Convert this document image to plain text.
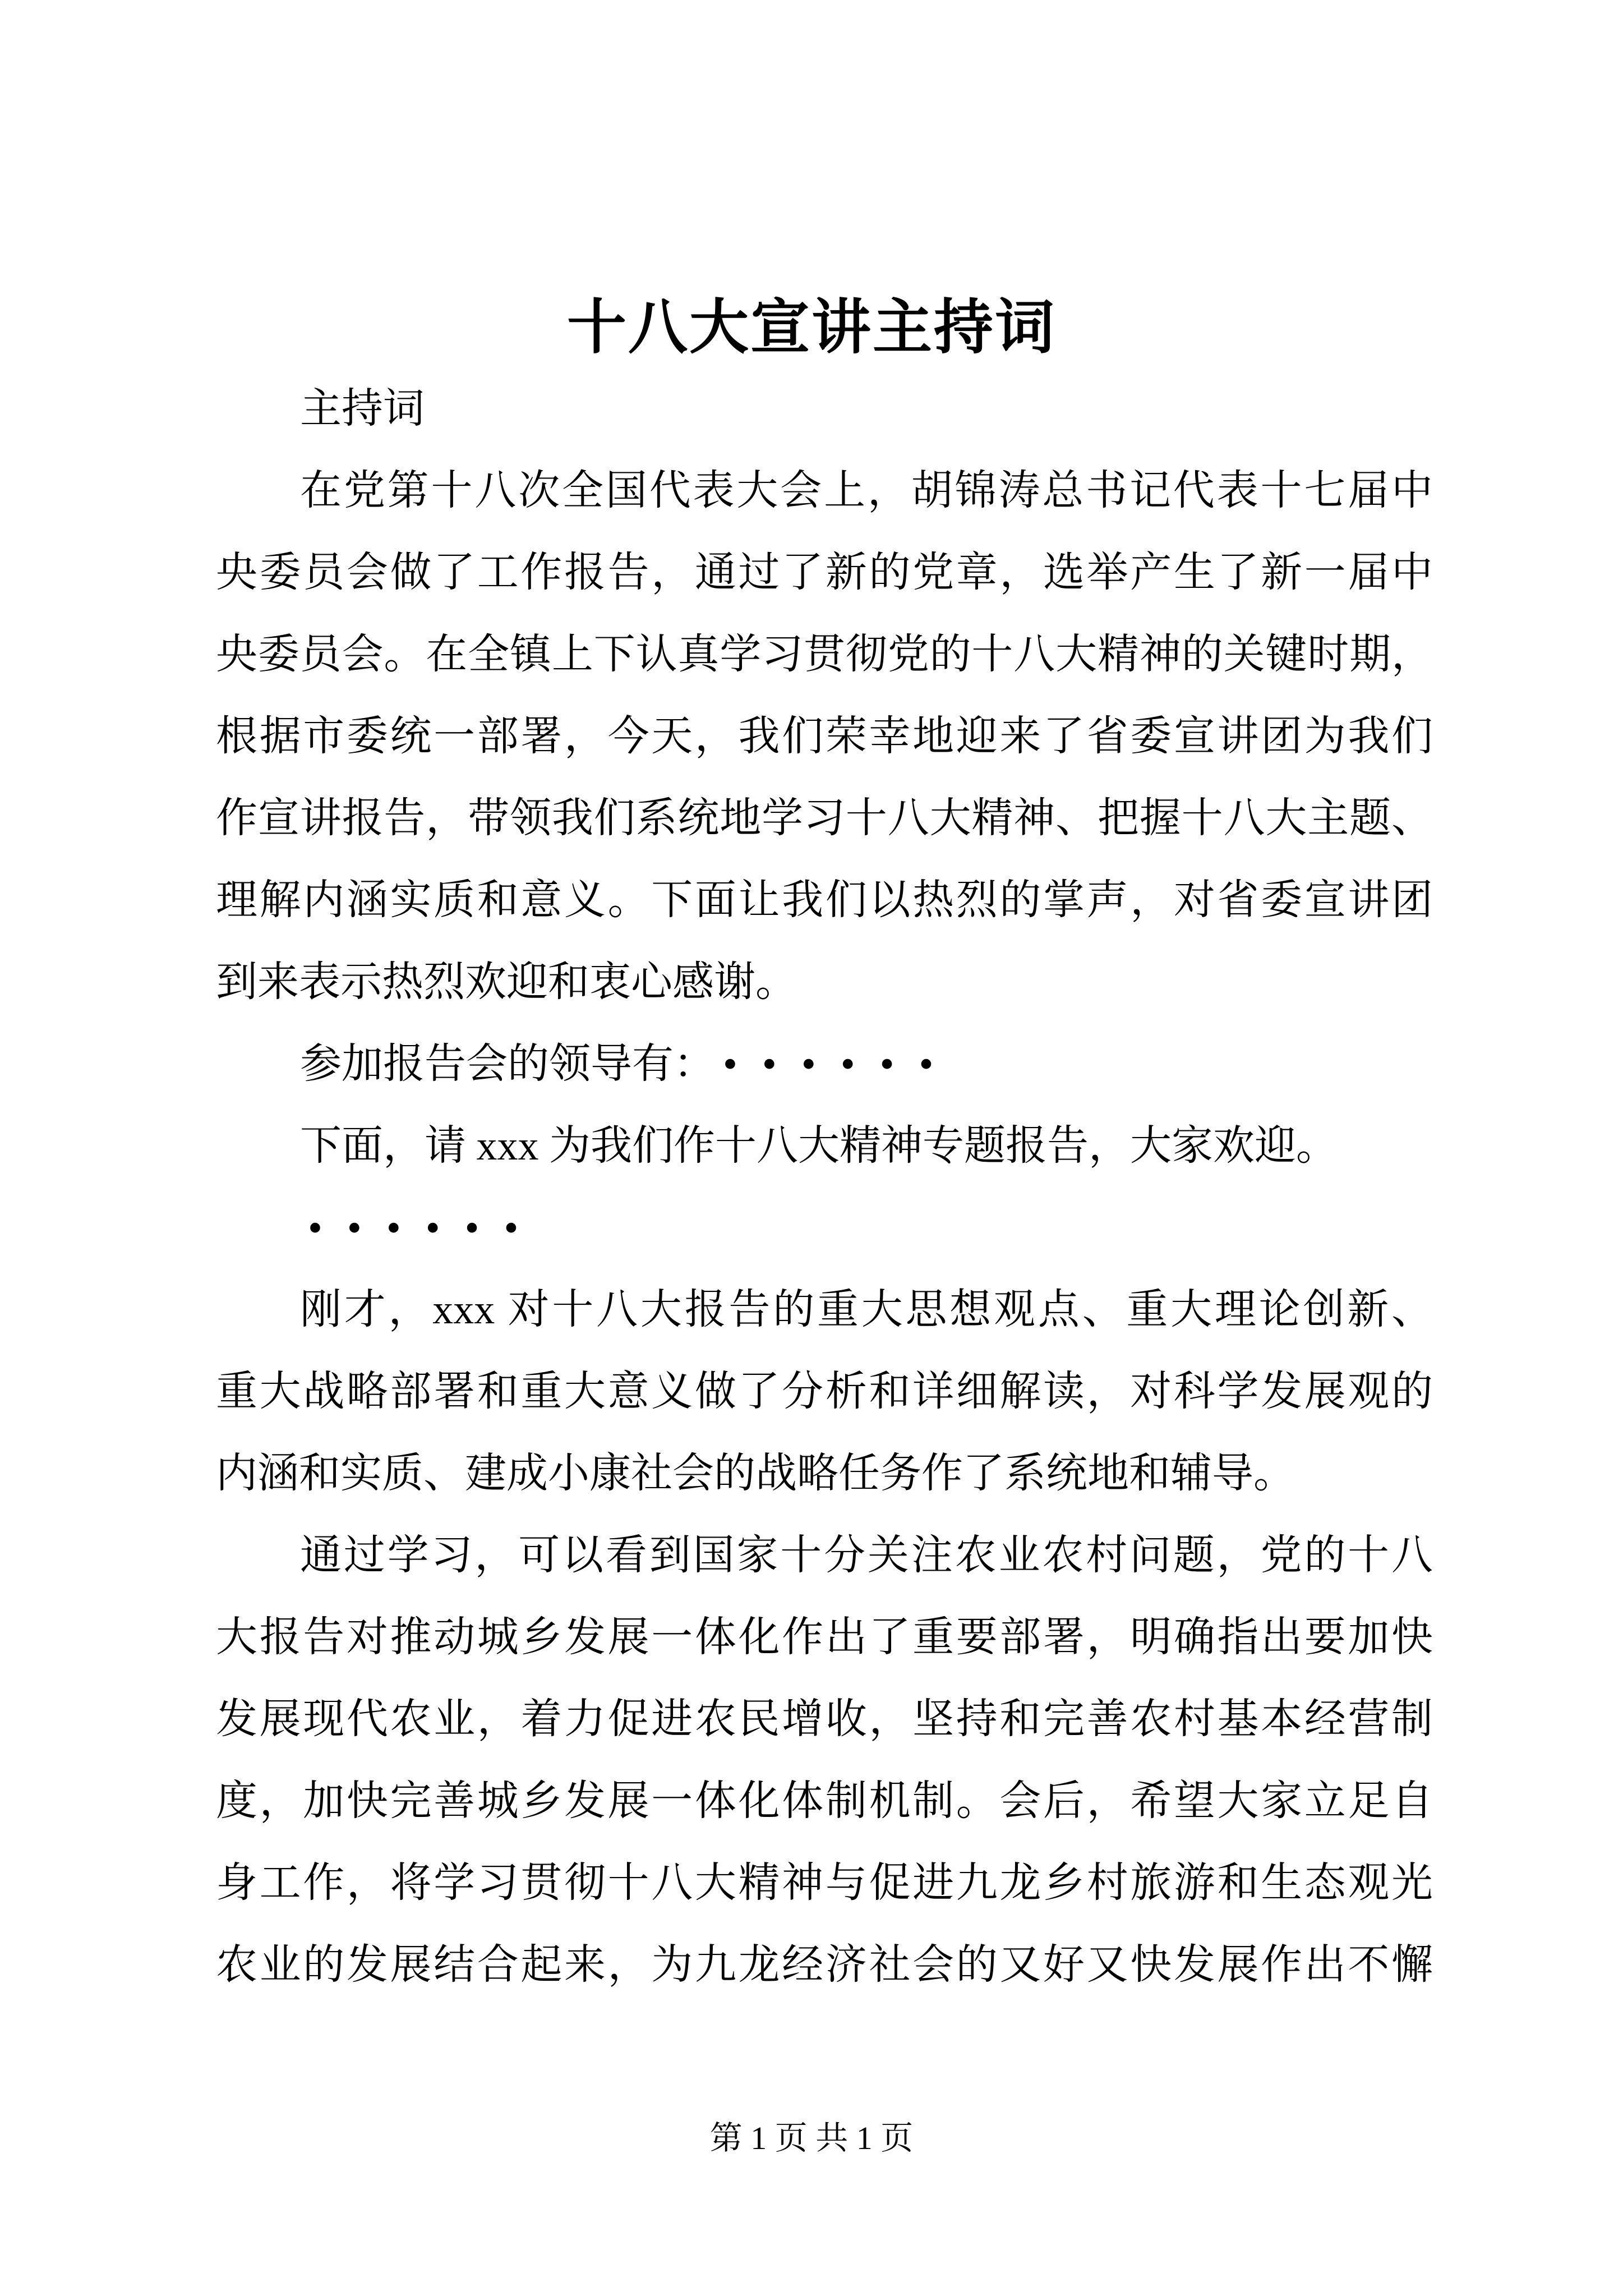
十八大宣讲主持词
主持词
在党第十八次全国代表大会上，胡锦涛总书记代表十七届中
央委员会做了工作报告，通过了新的党章，选举产生了新一届中
央委员会。在全镇上下认真学习贯彻党的十八大精神的关键时期，
根据市委统一部署，今天，我们荣幸地迎来了省委宣讲团为我们
作宣讲报告，带领我们系统地学习十八大精神、把握十八大主题、
理解内涵实质和意义。下面让我们以热烈的掌声，对省委宣讲团
到来表示热烈欢迎和衷心感谢。
参加报告会的领导有： ••••••
下面，请 xxx 为我们作十八大精神专题报告，大家欢迎。
••••••
刚才，xxx 对十八大报告的重大思想观点、重大理论创新、
重大战略部署和重大意义做了分析和详细解读，对科学发展观的
内涵和实质、建成小康社会的战略任务作了系统地和辅导。
通过学习，可以看到国家十分关注农业农村问题，党的十八
大报告对推动城乡发展一体化作出了重要部署，明确指出要加快
发展现代农业，着力促进农民增收，坚持和完善农村基本经营制
度，加快完善城乡发展一体化体制机制。会后，希望大家立足自
身工作，将学习贯彻十八大精神与促进九龙乡村旅游和生态观光
农业的发展结合起来，为九龙经济社会的又好又快发展作出不懈
第 1 页 共 1 页
